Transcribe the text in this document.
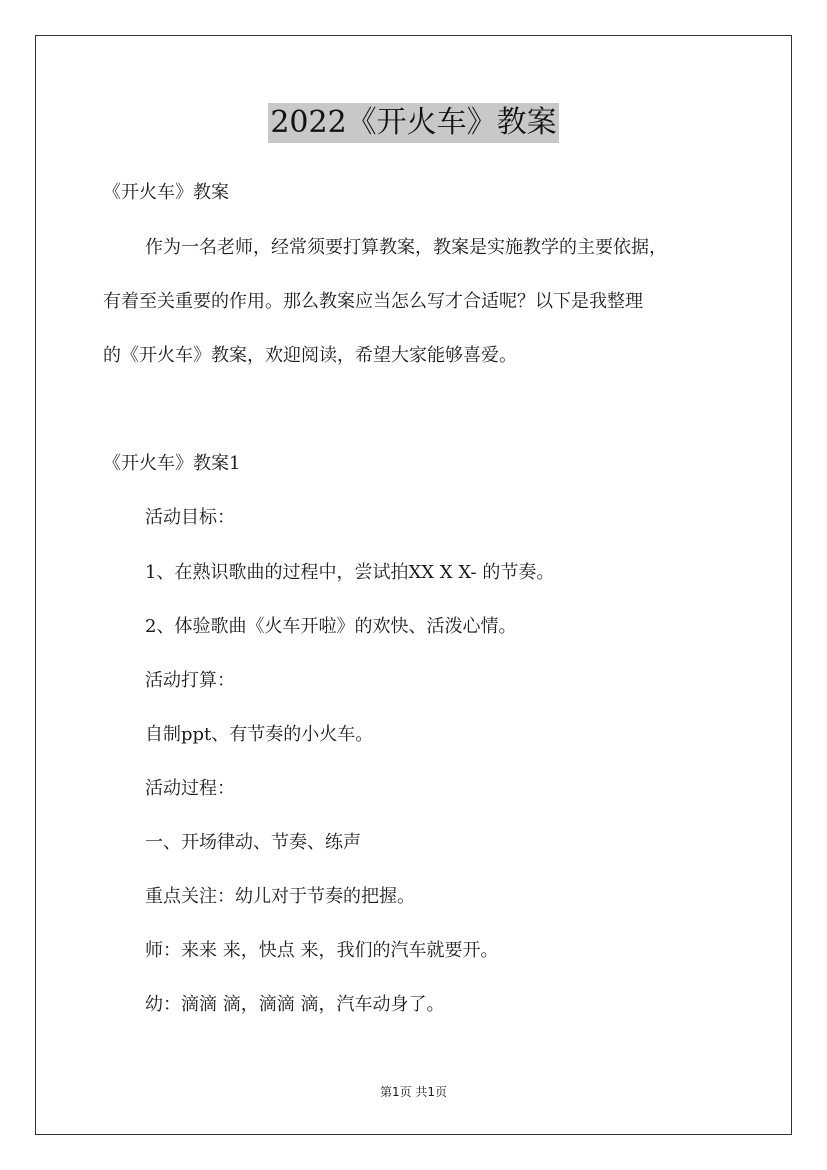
2022《开火车》教案
《开火车》教案
作为一名老师，经常须要打算教案，教案是实施教学的主要依据，
有着至关重要的作用。那么教案应当怎么写才合适呢？以下是我整理
的《开火车》教案，欢迎阅读，希望大家能够喜爱。
《开火车》教案1
活动目标：
1、在熟识歌曲的过程中，尝试拍XX X X- 的节奏。
2、体验歌曲《火车开啦》的欢快、活泼心情。
活动打算：
自制ppt、有节奏的小火车。
活动过程：
一、开场律动、节奏、练声
重点关注：幼儿对于节奏的把握。
师：来来 来，快点 来，我们的汽车就要开。
幼：滴滴 滴，滴滴 滴，汽车动身了。
第1页 共1页
